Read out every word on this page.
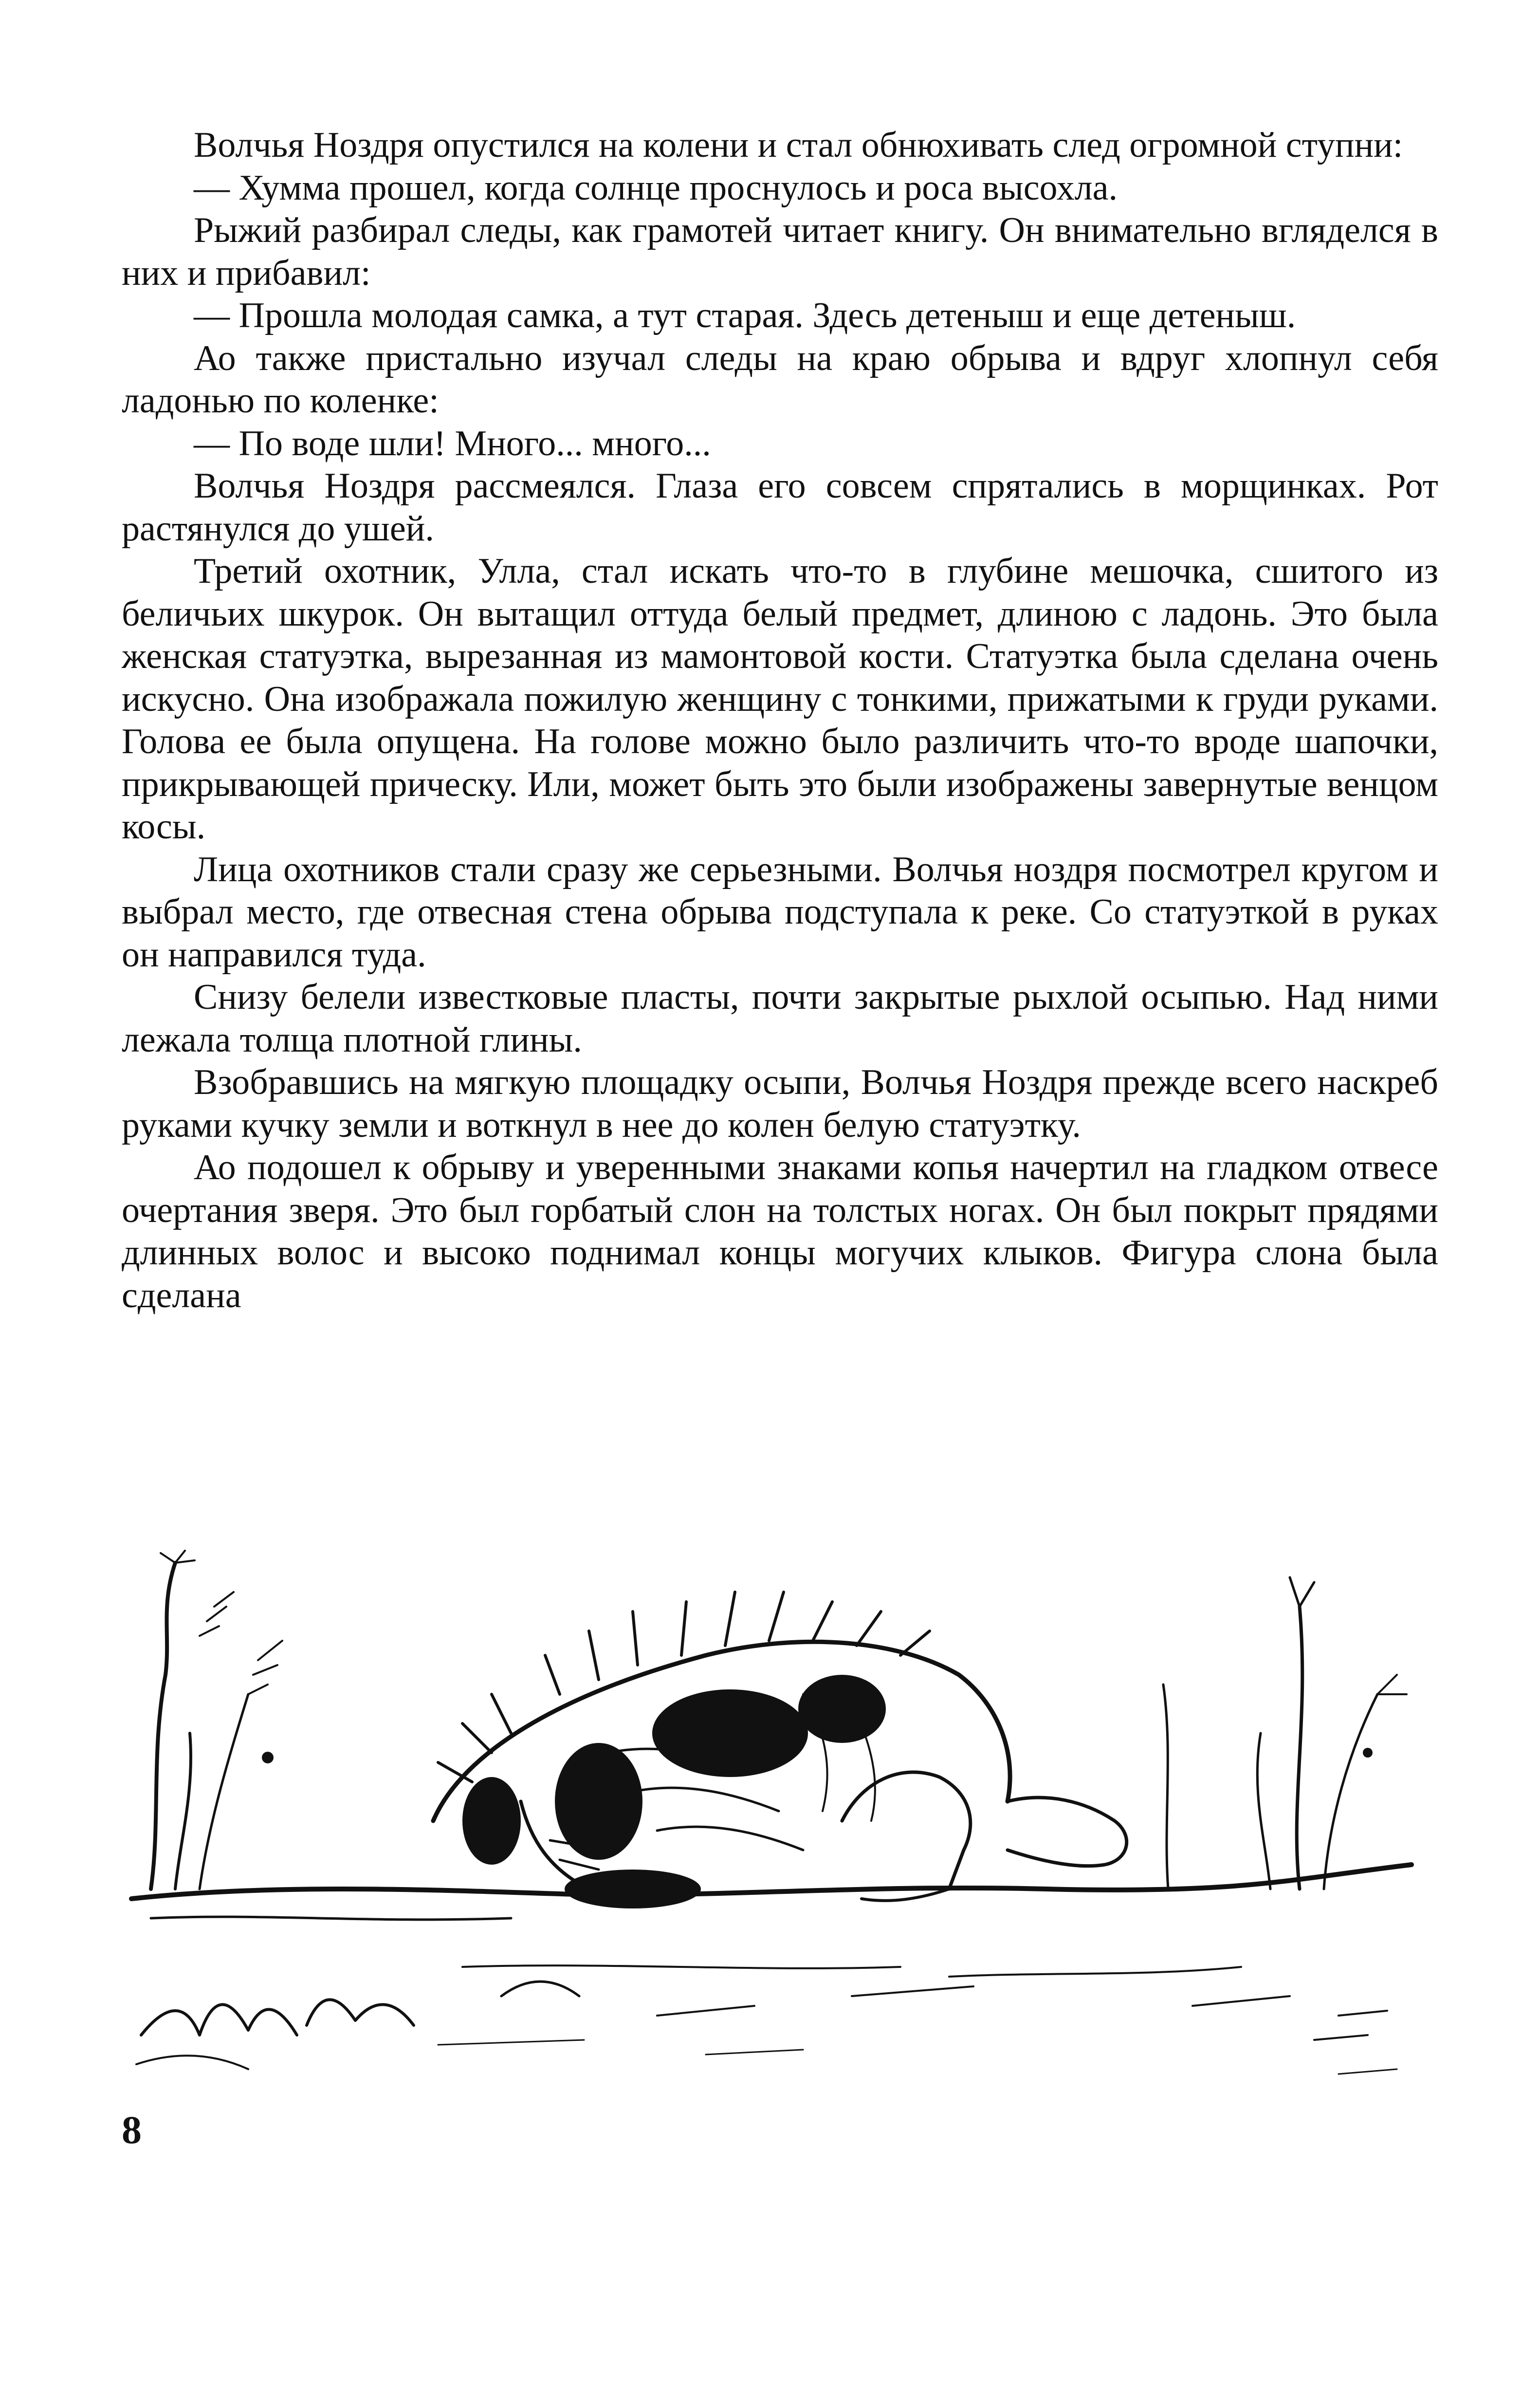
Волчья Ноздря опустился на колени и стал обнюхивать след огромной ступни:

— Хумма прошел, когда солнце проснулось и роса высохла.

Рыжий разбирал следы, как грамотей читает книгу. Он внимательно вгляделся в них и прибавил:

— Прошла молодая самка, а тут старая. Здесь детеныш и еще детеныш.

Ао также пристально изучал следы на краю обрыва и вдруг хлопнул себя ладонью по коленке:

— По воде шли! Много... много...

Волчья Ноздря рассмеялся. Глаза его совсем спрятались в морщинках. Рот растянулся до ушей.

Третий охотник, Улла, стал искать что-то в глубине мешочка, сшитого из беличьих шкурок. Он вытащил оттуда белый предмет, длиною с ладонь. Это была женская статуэтка, вырезанная из мамонтовой кости. Статуэтка была сделана очень искусно. Она изображала пожилую женщину с тонкими, прижатыми к груди руками. Голова ее была опущена. На голове можно было различить что-то вроде шапочки, прикрывающей прическу. Или, может быть это были изображены завернутые венцом косы.

Лица охотников стали сразу же серьезными. Волчья ноздря посмотрел кругом и выбрал место, где отвесная стена обрыва подступала к реке. Со статуэткой в руках он направился туда.

Снизу белели известковые пласты, почти закрытые рыхлой осыпью. Над ними лежала толща плотной глины.

Взобравшись на мягкую площадку осыпи, Волчья Ноздря прежде всего наскреб руками кучку земли и воткнул в нее до колен белую статуэтку.

Ао подошел к обрыву и уверенными знаками копья начертил на гладком отвесе очертания зверя. Это был горбатый слон на толстых ногах. Он был покрыт прядями длинных волос и высоко поднимал концы могучих клыков. Фигура слона была сделана

8
